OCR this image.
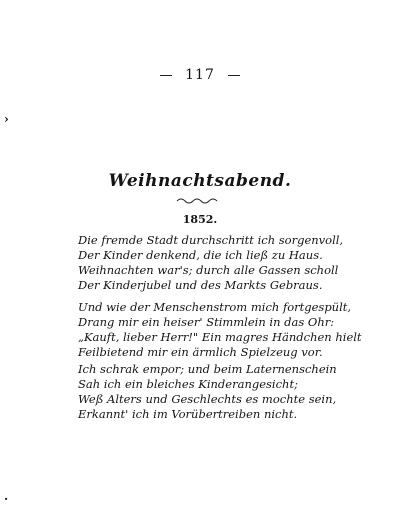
117
›
·
Weihnachtsabend.
1852.
Die fremde Stadt durchschritt ich sorgenvoll,
Der Kinder denkend, die ich ließ zu Haus.
Weihnachten war's; durch alle Gassen scholl
Der Kinderjubel und des Markts Gebraus.
Und wie der Menschenstrom mich fortgespült,
Drang mir ein heiser' Stimmlein in das Ohr:
„Kauft, lieber Herr!" Ein magres Händchen hielt
Feilbietend mir ein ärmlich Spielzeug vor.
Ich schrak empor; und beim Laternenschein
Sah ich ein bleiches Kinderangesicht;
Weß Alters und Geschlechts es mochte sein,
Erkannt' ich im Vorübertreiben nicht.
